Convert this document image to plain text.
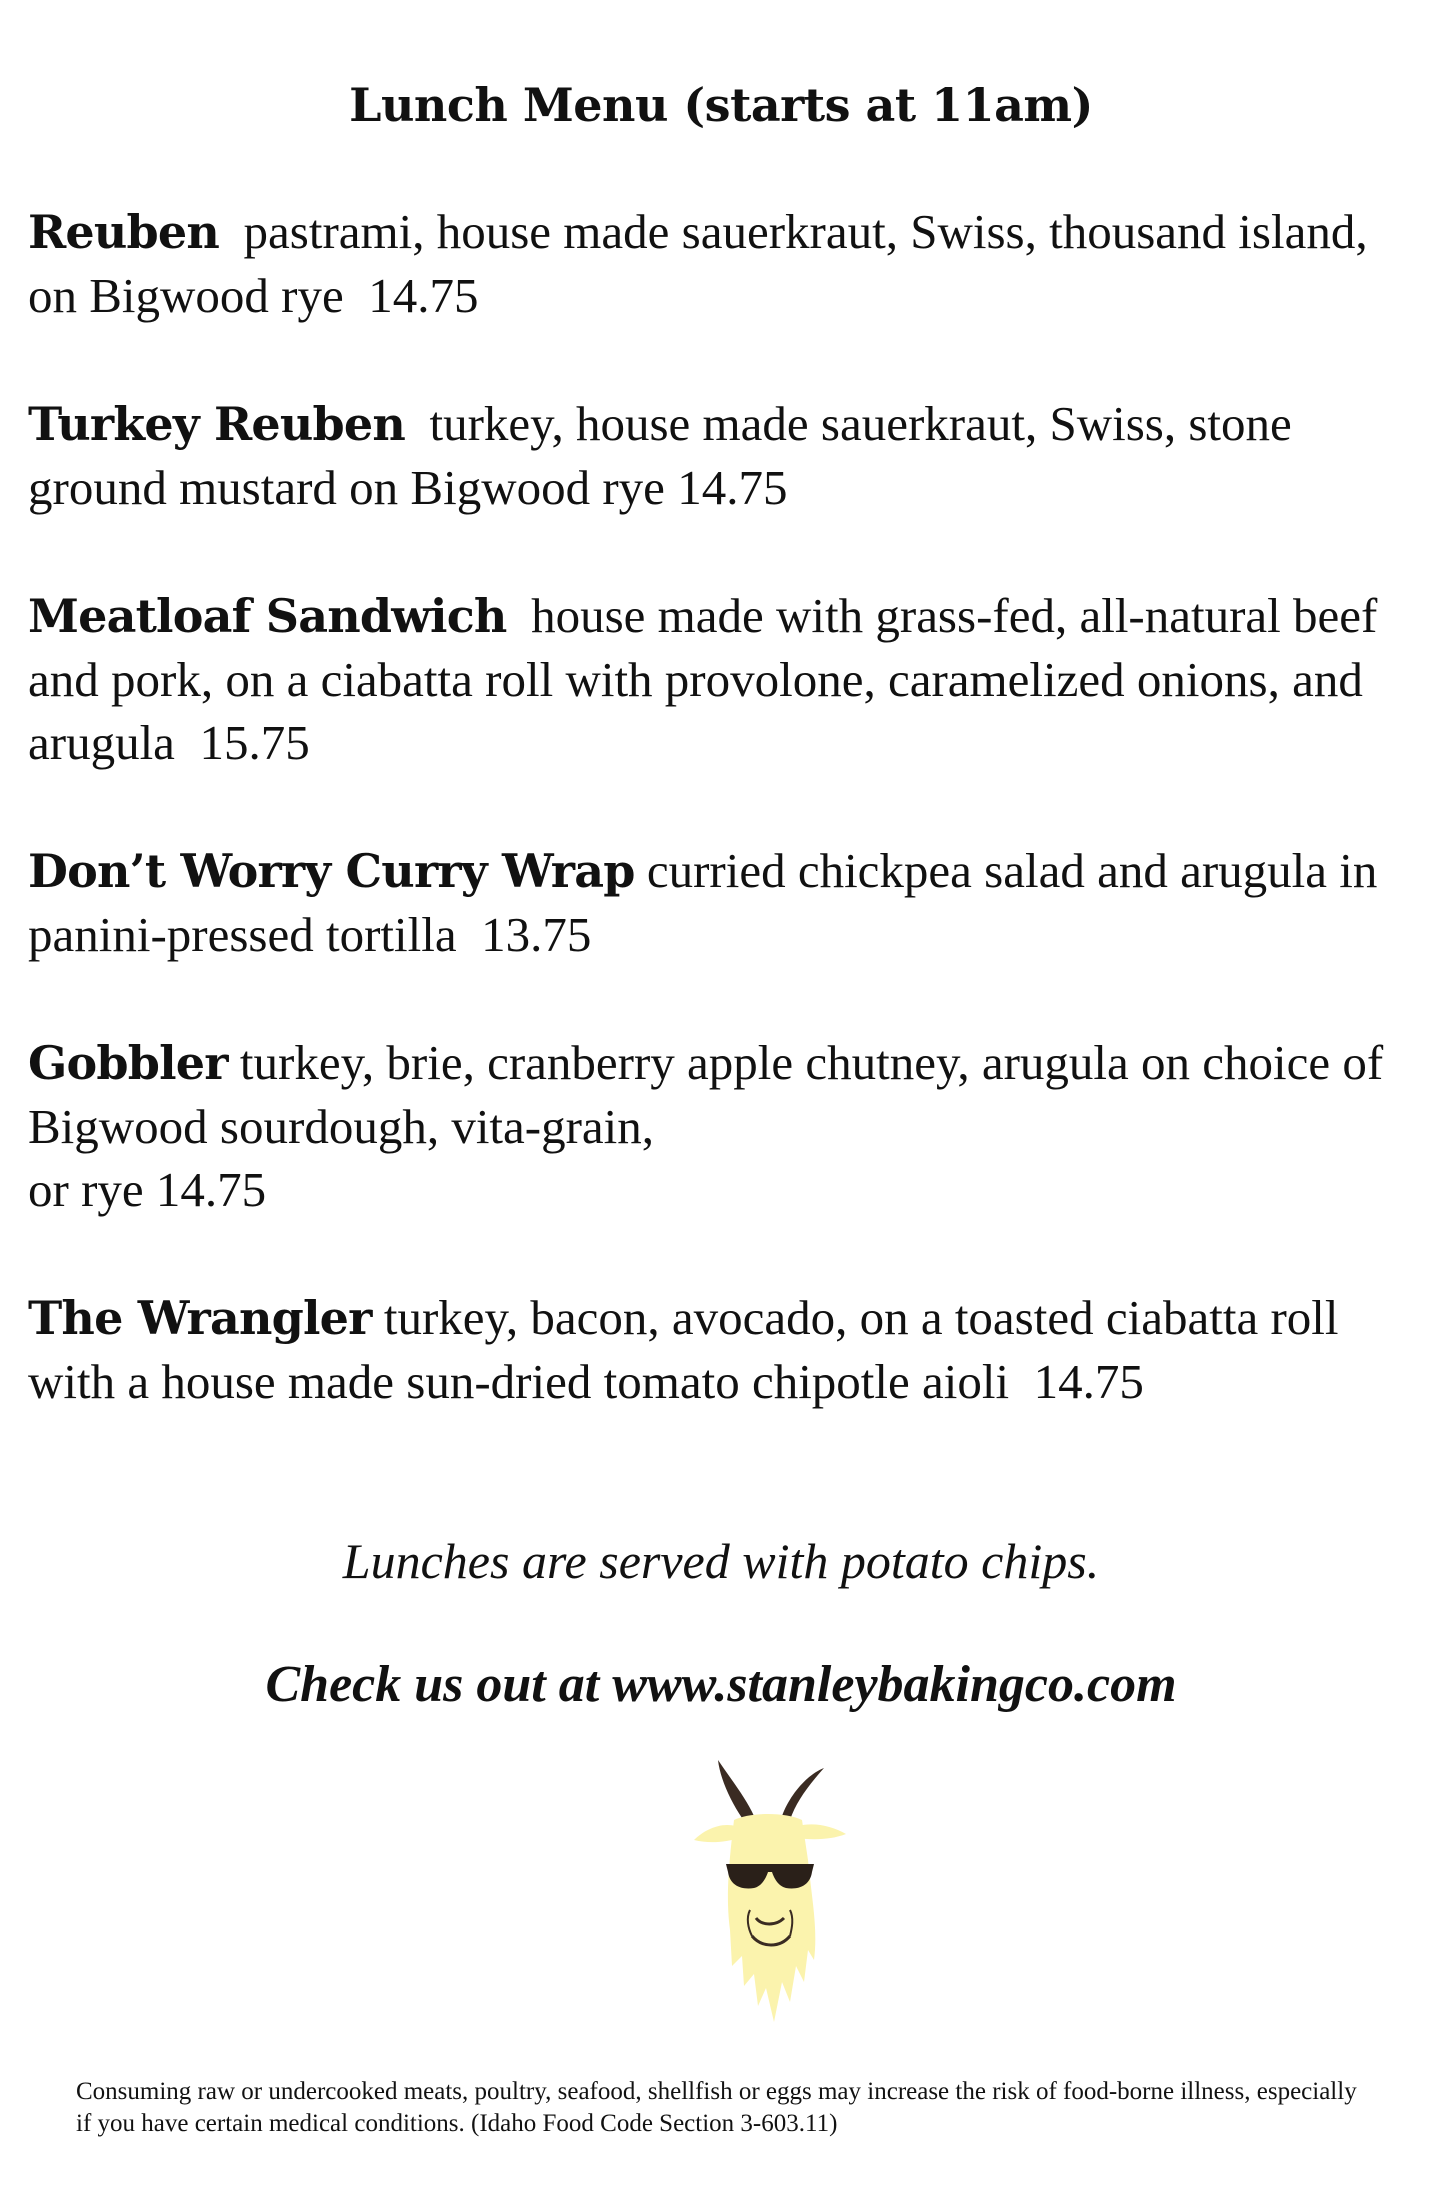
Lunch Menu (starts at 11am)

Reuben pastrami, house made sauerkraut, Swiss, thousand island, on Bigwood rye 14.75

Turkey Reuben turkey, house made sauerkraut, Swiss, stone ground mustard on Bigwood rye 14.75

Meatloaf Sandwich house made with grass-fed, all-natural beef and pork, on a ciabatta roll with provolone, caramelized onions, and arugula 15.75

Don’t Worry Curry Wrap curried chickpea salad and arugula in panini-pressed tortilla 13.75

Gobbler turkey, brie, cranberry apple chutney, arugula on choice of Bigwood sourdough, vita-grain,
or rye 14.75

The Wrangler turkey, bacon, avocado, on a toasted ciabatta roll with a house made sun-dried tomato chipotle aioli 14.75

Lunches are served with potato chips.

Check us out at www.stanleybakingco.com

Consuming raw or undercooked meats, poultry, seafood, shellfish or eggs may increase the risk of food-borne illness, especially if you have certain medical conditions. (Idaho Food Code Section 3-603.11)
